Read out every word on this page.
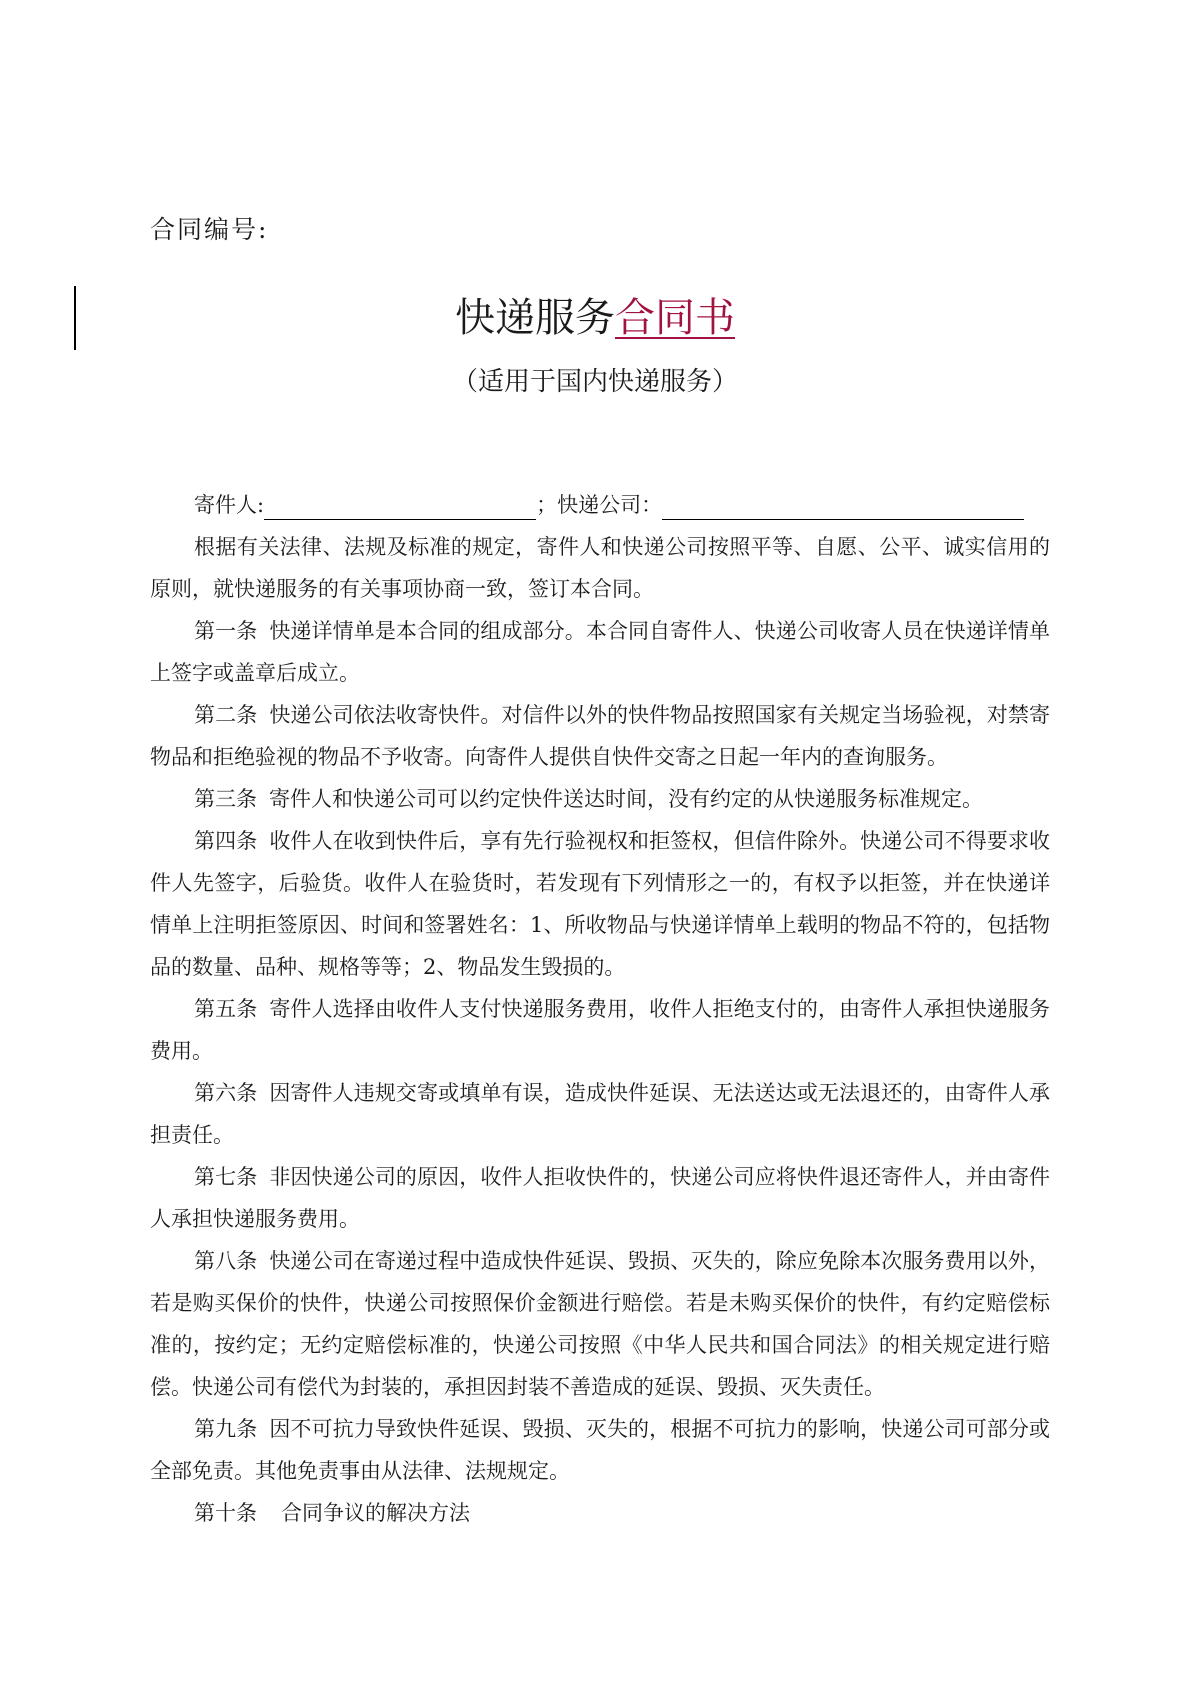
合同编号:
快递服务合同书
（适用于国内快递服务）

寄件人:	；快递公司：

根据有关法律、法规及标准的规定，寄件人和快递公司按照平等、自愿、公平、诚实信用的原则，就快递服务的有关事项协商一致，签订本合同。

第一条 快递详情单是本合同的组成部分。本合同自寄件人、快递公司收寄人员在快递详情单上签字或盖章后成立。

第二条 快递公司依法收寄快件。对信件以外的快件物品按照国家有关规定当场验视，对禁寄物品和拒绝验视的物品不予收寄。向寄件人提供自快件交寄之日起一年内的查询服务。

第三条 寄件人和快递公司可以约定快件送达时间，没有约定的从快递服务标准规定。

第四条 收件人在收到快件后，享有先行验视权和拒签权，但信件除外。快递公司不得要求收件人先签字，后验货。收件人在验货时，若发现有下列情形之一的，有权予以拒签，并在快递详情单上注明拒签原因、时间和签署姓名：1、所收物品与快递详情单上载明的物品不符的，包括物品的数量、品种、规格等等；2、物品发生毁损的。

第五条 寄件人选择由收件人支付快递服务费用，收件人拒绝支付的，由寄件人承担快递服务费用。

第六条 因寄件人违规交寄或填单有误，造成快件延误、无法送达或无法退还的，由寄件人承担责任。

第七条 非因快递公司的原因，收件人拒收快件的，快递公司应将快件退还寄件人，并由寄件人承担快递服务费用。

第八条 快递公司在寄递过程中造成快件延误、毁损、灭失的，除应免除本次服务费用以外，若是购买保价的快件，快递公司按照保价金额进行赔偿。若是未购买保价的快件，有约定赔偿标准的，按约定；无约定赔偿标准的，快递公司按照《中华人民共和国合同法》的相关规定进行赔偿。快递公司有偿代为封装的，承担因封装不善造成的延误、毁损、灭失责任。

第九条 因不可抗力导致快件延误、毁损、灭失的，根据不可抗力的影响，快递公司可部分或全部免责。其他免责事由从法律、法规规定。

第十条 合同争议的解决方法
